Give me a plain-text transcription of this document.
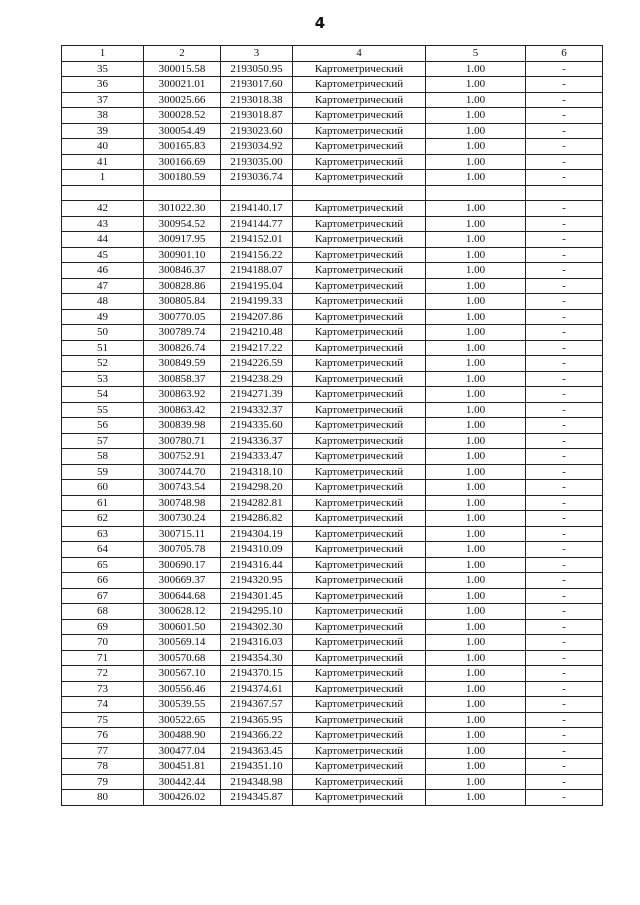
4
1	2	3	4	5	6
35	300015.58	2193050.95	Картометрический	1.00	-
36	300021.01	2193017.60	Картометрический	1.00	-
37	300025.66	2193018.38	Картометрический	1.00	-
38	300028.52	2193018.87	Картометрический	1.00	-
39	300054.49	2193023.60	Картометрический	1.00	-
40	300165.83	2193034.92	Картометрический	1.00	-
41	300166.69	2193035.00	Картометрический	1.00	-
1	300180.59	2193036.74	Картометрический	1.00	-

42	301022.30	2194140.17	Картометрический	1.00	-
43	300954.52	2194144.77	Картометрический	1.00	-
44	300917.95	2194152.01	Картометрический	1.00	-
45	300901.10	2194156.22	Картометрический	1.00	-
46	300846.37	2194188.07	Картометрический	1.00	-
47	300828.86	2194195.04	Картометрический	1.00	-
48	300805.84	2194199.33	Картометрический	1.00	-
49	300770.05	2194207.86	Картометрический	1.00	-
50	300789.74	2194210.48	Картометрический	1.00	-
51	300826.74	2194217.22	Картометрический	1.00	-
52	300849.59	2194226.59	Картометрический	1.00	-
53	300858.37	2194238.29	Картометрический	1.00	-
54	300863.92	2194271.39	Картометрический	1.00	-
55	300863.42	2194332.37	Картометрический	1.00	-
56	300839.98	2194335.60	Картометрический	1.00	-
57	300780.71	2194336.37	Картометрический	1.00	-
58	300752.91	2194333.47	Картометрический	1.00	-
59	300744.70	2194318.10	Картометрический	1.00	-
60	300743.54	2194298.20	Картометрический	1.00	-
61	300748.98	2194282.81	Картометрический	1.00	-
62	300730.24	2194286.82	Картометрический	1.00	-
63	300715.11	2194304.19	Картометрический	1.00	-
64	300705.78	2194310.09	Картометрический	1.00	-
65	300690.17	2194316.44	Картометрический	1.00	-
66	300669.37	2194320.95	Картометрический	1.00	-
67	300644.68	2194301.45	Картометрический	1.00	-
68	300628.12	2194295.10	Картометрический	1.00	-
69	300601.50	2194302.30	Картометрический	1.00	-
70	300569.14	2194316.03	Картометрический	1.00	-
71	300570.68	2194354.30	Картометрический	1.00	-
72	300567.10	2194370.15	Картометрический	1.00	-
73	300556.46	2194374.61	Картометрический	1.00	-
74	300539.55	2194367.57	Картометрический	1.00	-
75	300522.65	2194365.95	Картометрический	1.00	-
76	300488.90	2194366.22	Картометрический	1.00	-
77	300477.04	2194363.45	Картометрический	1.00	-
78	300451.81	2194351.10	Картометрический	1.00	-
79	300442.44	2194348.98	Картометрический	1.00	-
80	300426.02	2194345.87	Картометрический	1.00	-
